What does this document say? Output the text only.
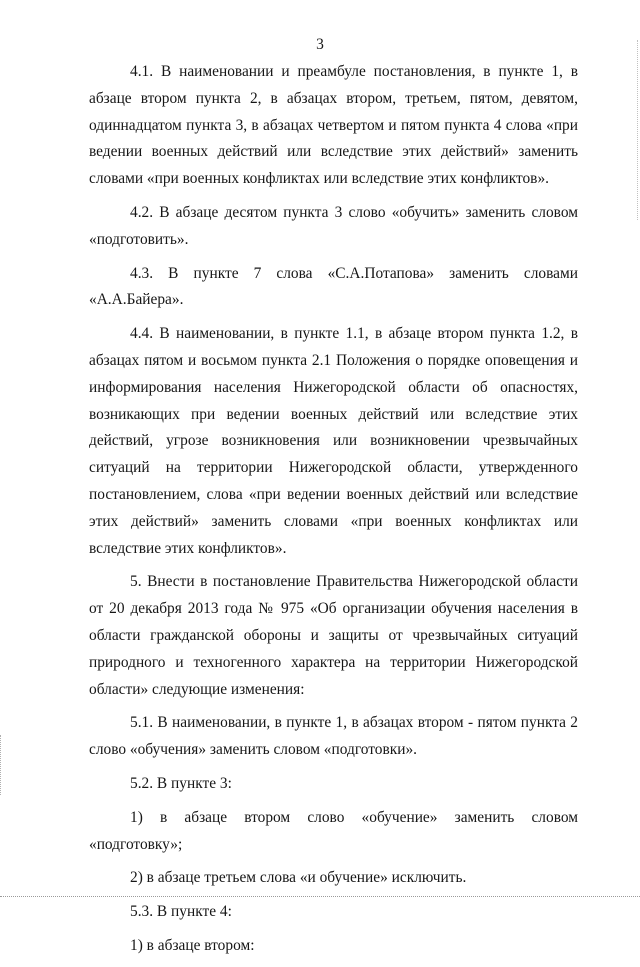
3

4.1. В наименовании и преамбуле постановления, в пункте 1, в абзаце втором пункта 2, в абзацах втором, третьем, пятом, девятом, одиннадцатом пункта 3, в абзацах четвертом и пятом пункта 4 слова «при ведении военных действий или вследствие этих действий» заменить словами «при военных конфликтах или вследствие этих конфликтов».

4.2. В абзаце десятом пункта 3 слово «обучить» заменить словом «подготовить».

4.3. В пункте 7 слова «С.А.Потапова» заменить словами «А.А.Байера».

4.4. В наименовании, в пункте 1.1, в абзаце втором пункта 1.2, в абзацах пятом и восьмом пункта 2.1 Положения о порядке оповещения и информирования населения Нижегородской области об опасностях, возникающих при ведении военных действий или вследствие этих действий, угрозе возникновения или возникновении чрезвычайных ситуаций на территории Нижегородской области, утвержденного постановлением, слова «при ведении военных действий или вследствие этих действий» заменить словами «при военных конфликтах или вследствие этих конфликтов».

5. Внести в постановление Правительства Нижегородской области от 20 декабря 2013 года № 975 «Об организации обучения населения в области гражданской обороны и защиты от чрезвычайных ситуаций природного и техногенного характера на территории Нижегородской области» следующие изменения:

5.1. В наименовании, в пункте 1, в абзацах втором - пятом пункта 2 слово «обучения» заменить словом «подготовки».

5.2. В пункте 3:

1) в абзаце втором слово «обучение» заменить словом «подготовку»;

2) в абзаце третьем слова «и обучение» исключить.

5.3. В пункте 4:

1) в абзаце втором:
